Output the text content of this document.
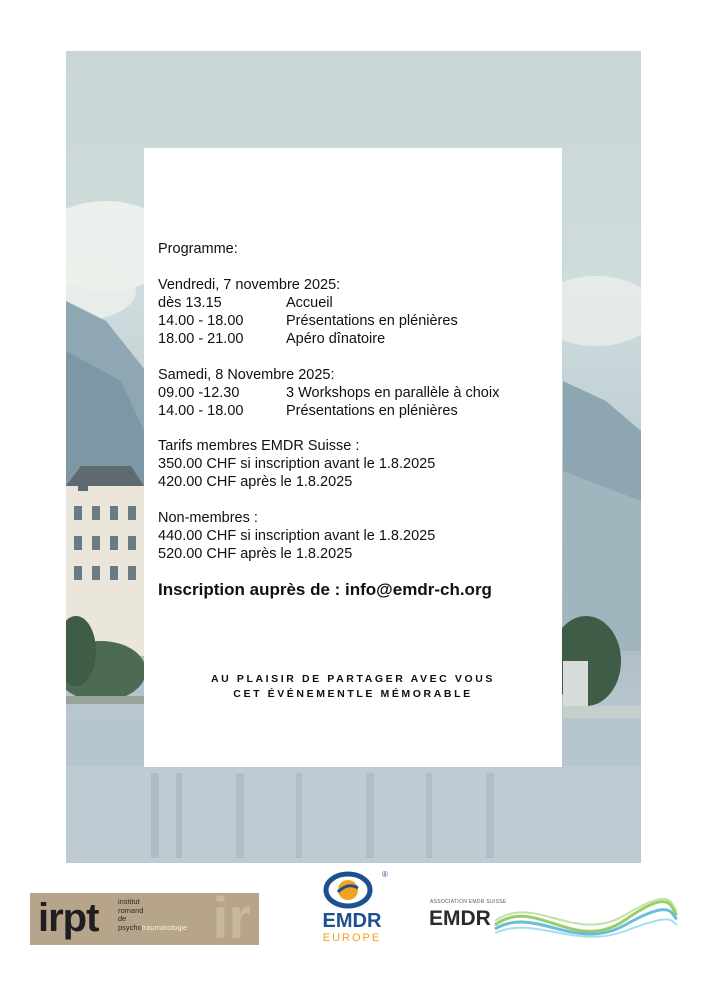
Programme:
Vendredi, 7 novembre 2025:
dès 13.15	Accueil
14.00 - 18.00	Présentations en plénières
18.00 - 21.00	Apéro dînatoire
Samedi, 8 Novembre 2025:
09.00 -12.30	3 Workshops en parallèle à choix
14.00 - 18.00	Présentations en plénières
Tarifs membres EMDR Suisse :
350.00 CHF si inscription avant le 1.8.2025
420.00 CHF après le 1.8.2025
Non-membres :
440.00 CHF si inscription avant le 1.8.2025
520.00 CHF après le 1.8.2025
Inscription auprès de : info@emdr-ch.org
AU PLAISIR DE PARTAGER AVEC VOUS
CET ÉVÉNEMENTLE MÉMORABLE
ir
irpt	institut
romand
de
psychotraumatologie
®
EMDR
EUROPE
ASSOCIATION EMDR SUISSE
EMDR
